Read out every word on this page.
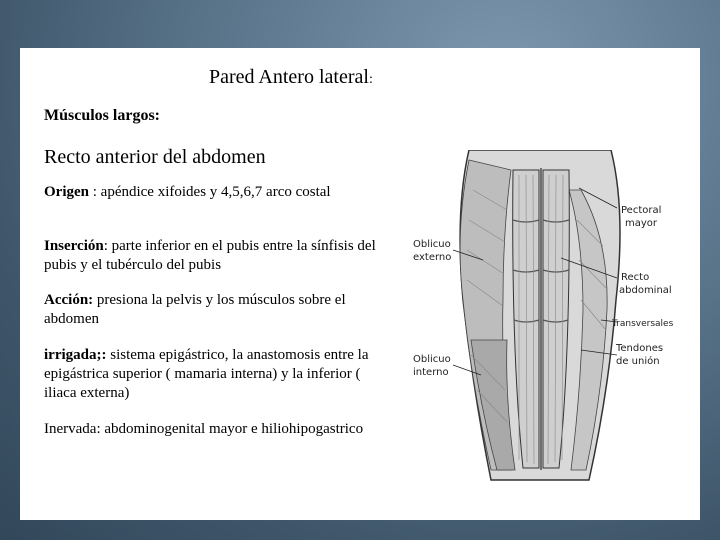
Pared Antero lateral:
Músculos largos:
Recto anterior del abdomen
Origen : apéndice xifoides y 4,5,6,7 arco costal
Inserción: parte inferior en el pubis entre la sínfisis del pubis y el tubérculo del pubis
Acción: presiona la pelvis y los músculos sobre el abdomen
irrigada;: sistema epigástrico, la anastomosis entre la epigástrica superior ( mamaria interna) y la inferior ( iliaca externa)
Inervada: abdominogenital mayor e hiliohipogastrico
Oblicuo
externo
Oblicuo
interno
Pectoral
mayor
Recto
abdominal
Transversales
Tendones
de unión
